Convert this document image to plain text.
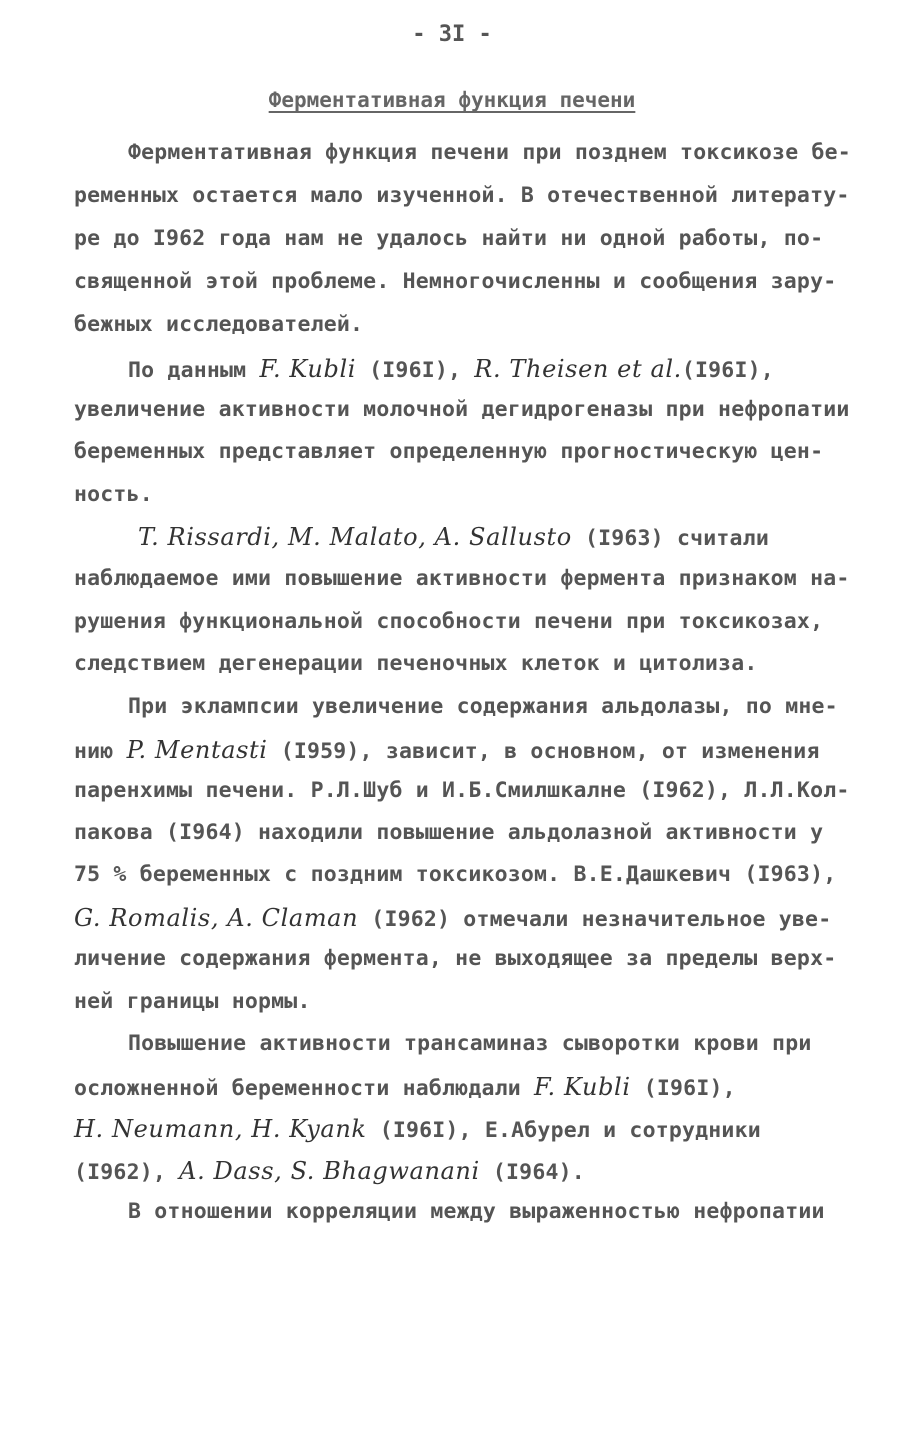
- 3I -
Ферментативная функция печени
Ферментативная функция печени при позднем токсикозе бе-
ременных остается мало изученной. В отечественной литерату-
ре до I962 года нам не удалось найти ни одной работы, по-
священной этой проблеме. Немногочисленны и сообщения зару-
бежных исследователей.
По данным F. Kubli (I96I), R. Theisen et al.(I96I),
увеличение активности молочной дегидрогеназы при нефропатии
беременных представляет определенную прогностическую цен-
ность.
T. Rissardi, M. Malato, A. Sallusto (I963) считали
наблюдаемое ими повышение активности фермента признаком на-
рушения функциональной способности печени при токсикозах,
следствием дегенерации печеночных клеток и цитолиза.
При эклампсии увеличение содержания альдолазы, по мне-
нию P. Mentasti (I959), зависит, в основном, от изменения
паренхимы печени. Р.Л.Шуб и И.Б.Смилшкалне (I962), Л.Л.Кол-
пакова (I964) находили повышение альдолазной активности у
75 % беременных с поздним токсикозом. В.Е.Дашкевич (I963),
G. Romalis, A. Claman (I962) отмечали незначительное уве-
личение содержания фермента, не выходящее за пределы верх-
ней границы нормы.
Повышение активности трансаминаз сыворотки крови при
осложненной беременности наблюдали F. Kubli (I96I),
H. Neumann, H. Kyank (I96I), Е.Абурел и сотрудники
(I962), A. Dass, S. Bhagwanani (I964).
В отношении корреляции между выраженностью нефропатии
